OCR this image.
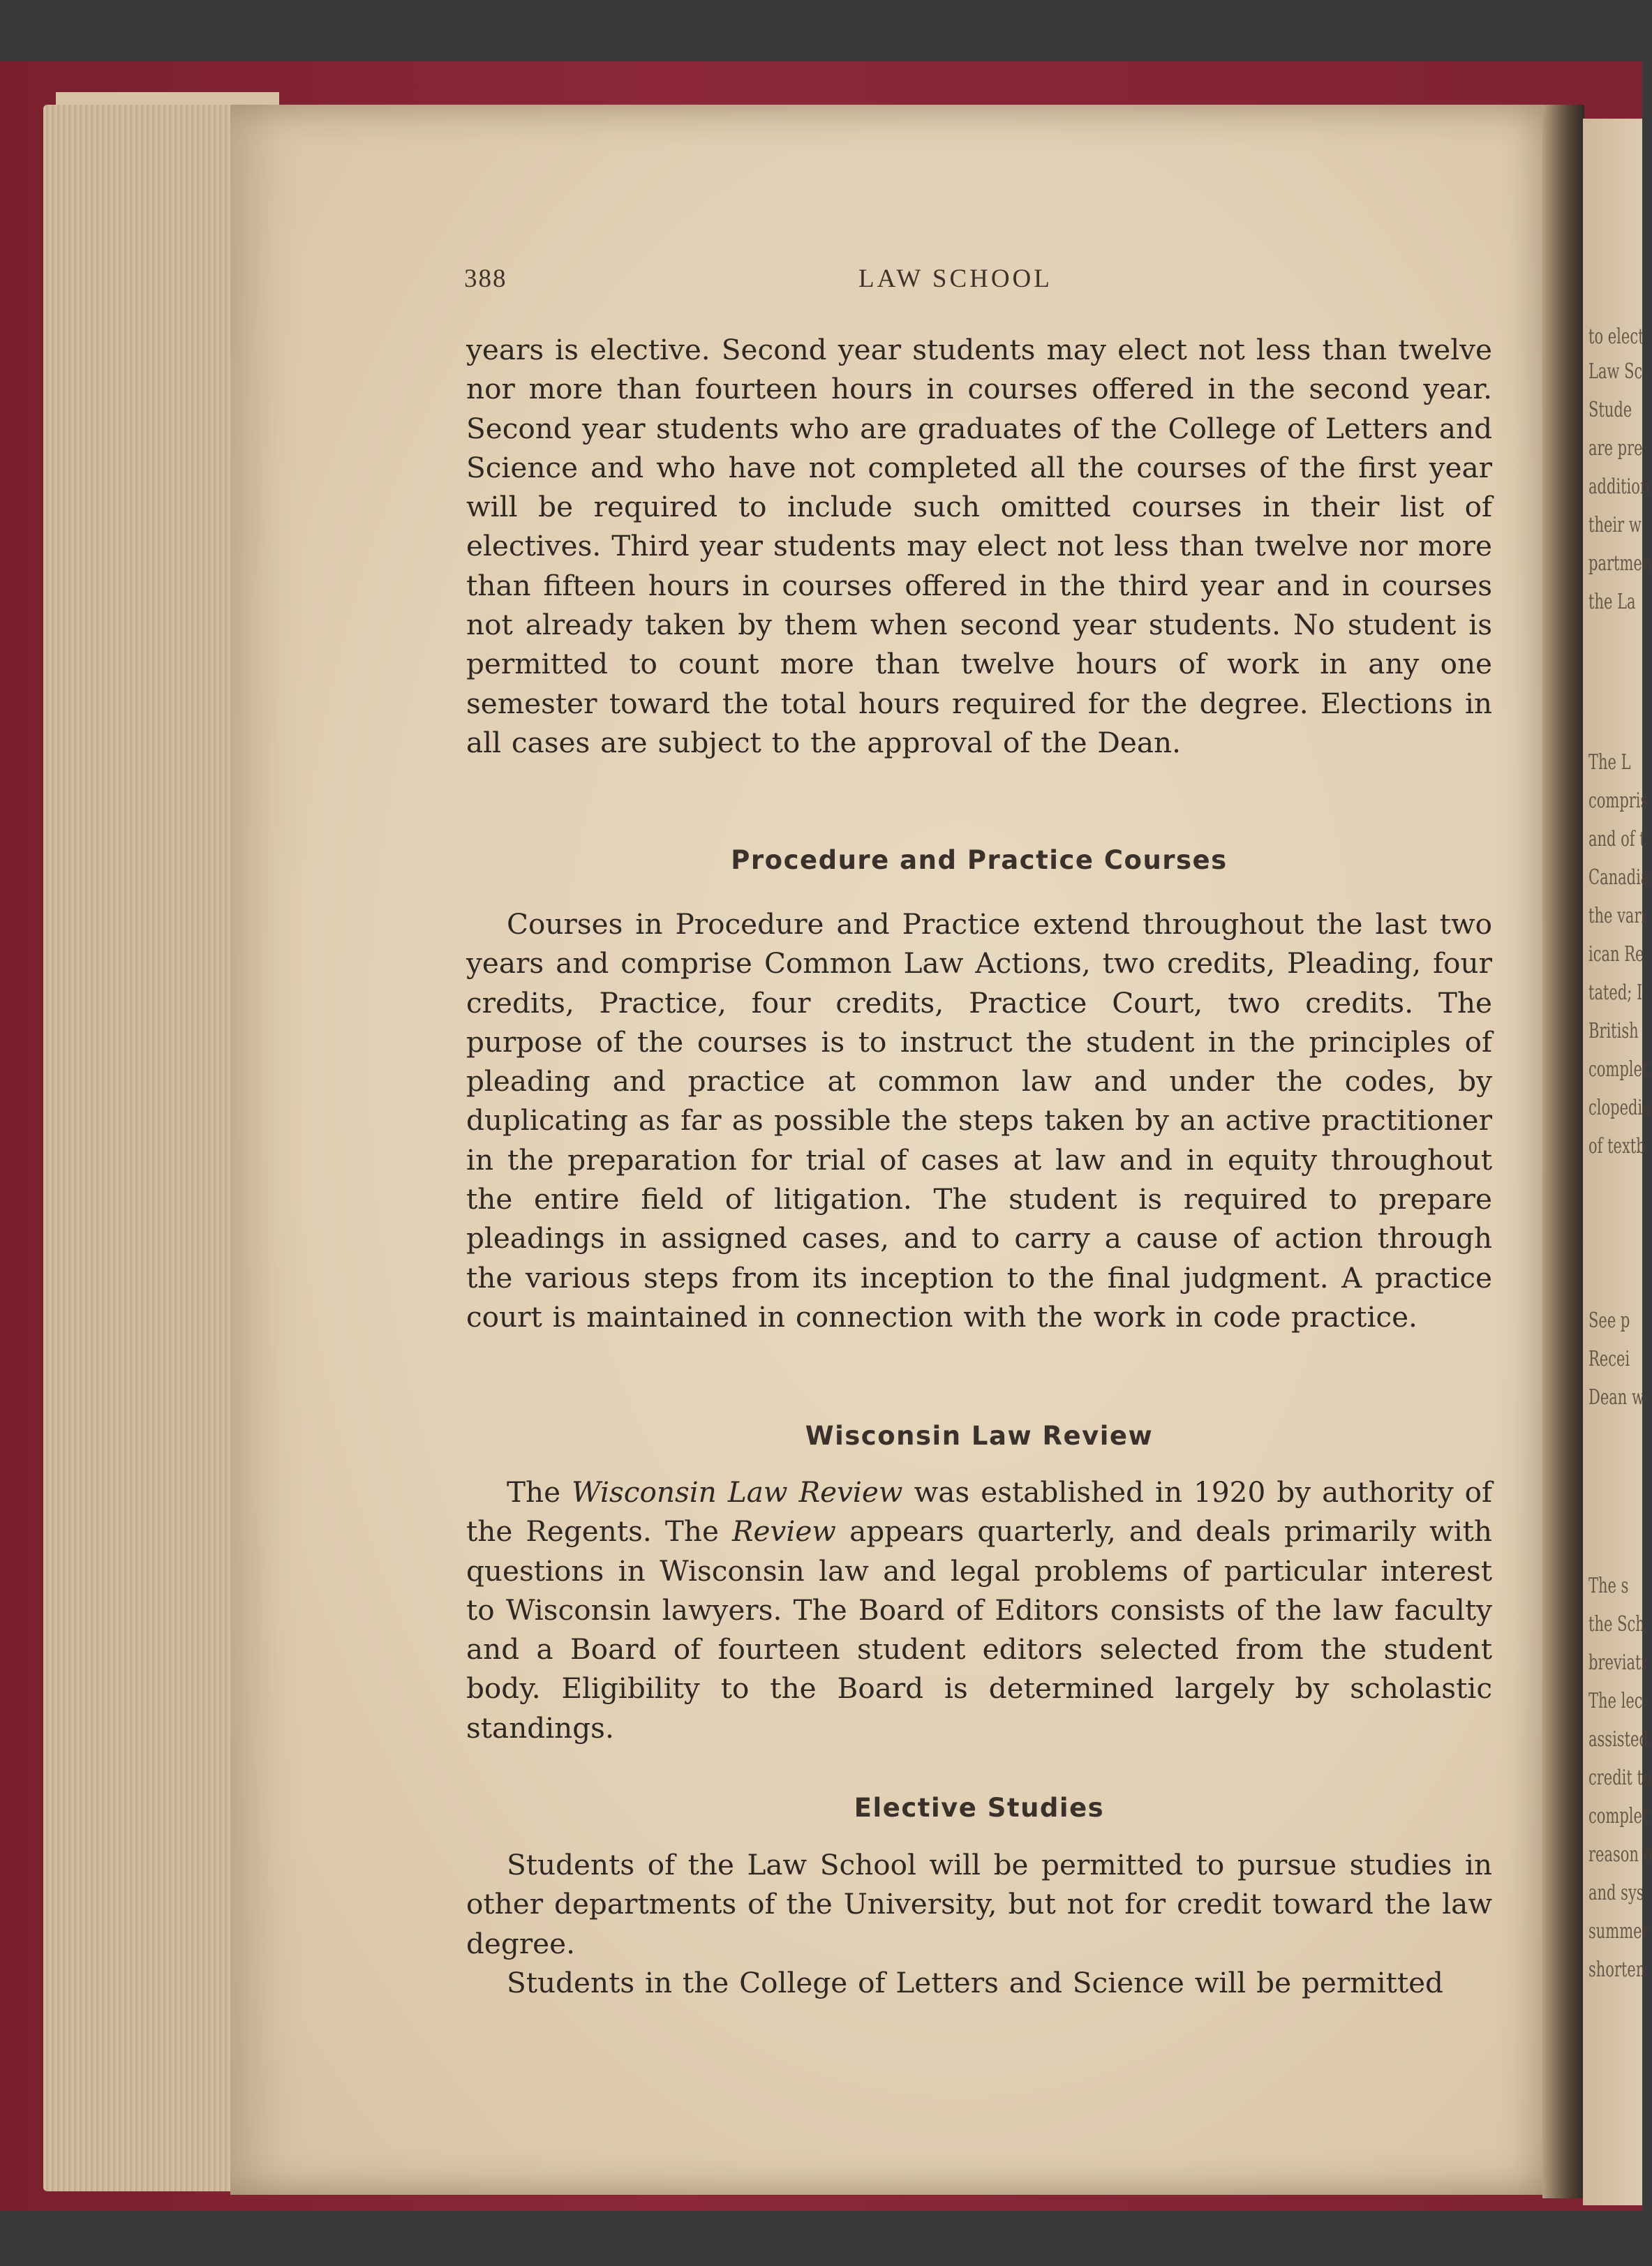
to elect
Law Sc
Stude
are pre
addition
their w
partmen
the La
The L
compris
and of t
Canadia
the vari
ican Re
tated; I
British
complet
clopedia
of textb
See p
Recei
Dean w
The s
the Sch
breviati
The lec
assisted
credit to
complet
reason o
and sys
summer
shorten
388	LAW SCHOOL

years is elective. Second year students may elect not less than twelve nor more than fourteen hours in courses offered in the second year. Second year students who are graduates of the College of Letters and Science and who have not completed all the courses of the first year will be required to include such omitted courses in their list of electives. Third year students may elect not less than twelve nor more than fifteen hours in courses offered in the third year and in courses not already taken by them when second year students. No student is permitted to count more than twelve hours of work in any one semester toward the total hours required for the degree. Elections in all cases are subject to the approval of the Dean.

Procedure and Practice Courses

Courses in Procedure and Practice extend throughout the last two years and comprise Common Law Actions, two credits, Pleading, four credits, Practice, four credits, Practice Court, two credits. The purpose of the courses is to instruct the student in the principles of pleading and practice at common law and under the codes, by duplicating as far as possible the steps taken by an active practitioner in the preparation for trial of cases at law and in equity throughout the entire field of litigation. The student is required to prepare pleadings in assigned cases, and to carry a cause of action through the various steps from its inception to the final judgment. A practice court is maintained in connection with the work in code practice.

Wisconsin Law Review

The Wisconsin Law Review was established in 1920 by authority of the Regents. The Review appears quarterly, and deals primarily with questions in Wisconsin law and legal problems of particular interest to Wisconsin lawyers. The Board of Editors consists of the law faculty and a Board of fourteen student editors selected from the student body. Eligibility to the Board is determined largely by scholastic standings.

Elective Studies

Students of the Law School will be permitted to pursue studies in other departments of the University, but not for credit toward the law degree.

Students in the College of Letters and Science will be permitted
